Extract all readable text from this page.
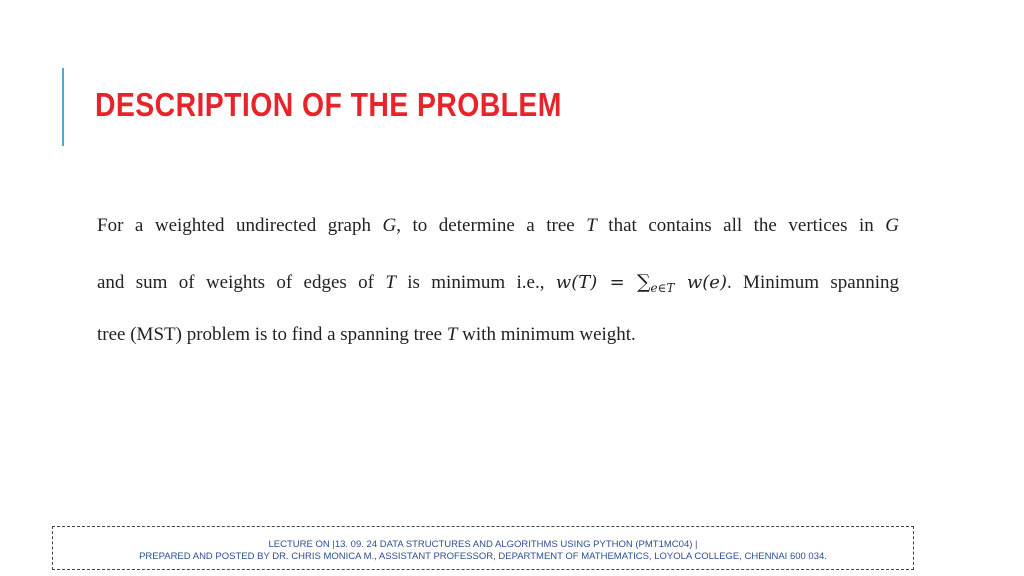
DESCRIPTION OF THE PROBLEM
For a weighted undirected graph G, to determine a tree T that contains all the vertices in G
and sum of weights of edges of T is minimum i.e., $w(T) = \sum_{e\in T}$ w(e). Minimum spanning
tree (MST) problem is to find a spanning tree T with minimum weight.
LECTURE ON |13. 09. 24 DATA STRUCTURES AND ALGORITHMS USING PYTHON (PMT1MC04) |
PREPARED AND POSTED BY DR. CHRIS MONICA M., ASSISTANT PROFESSOR, DEPARTMENT OF MATHEMATICS, LOYOLA COLLEGE, CHENNAI 600 034.
